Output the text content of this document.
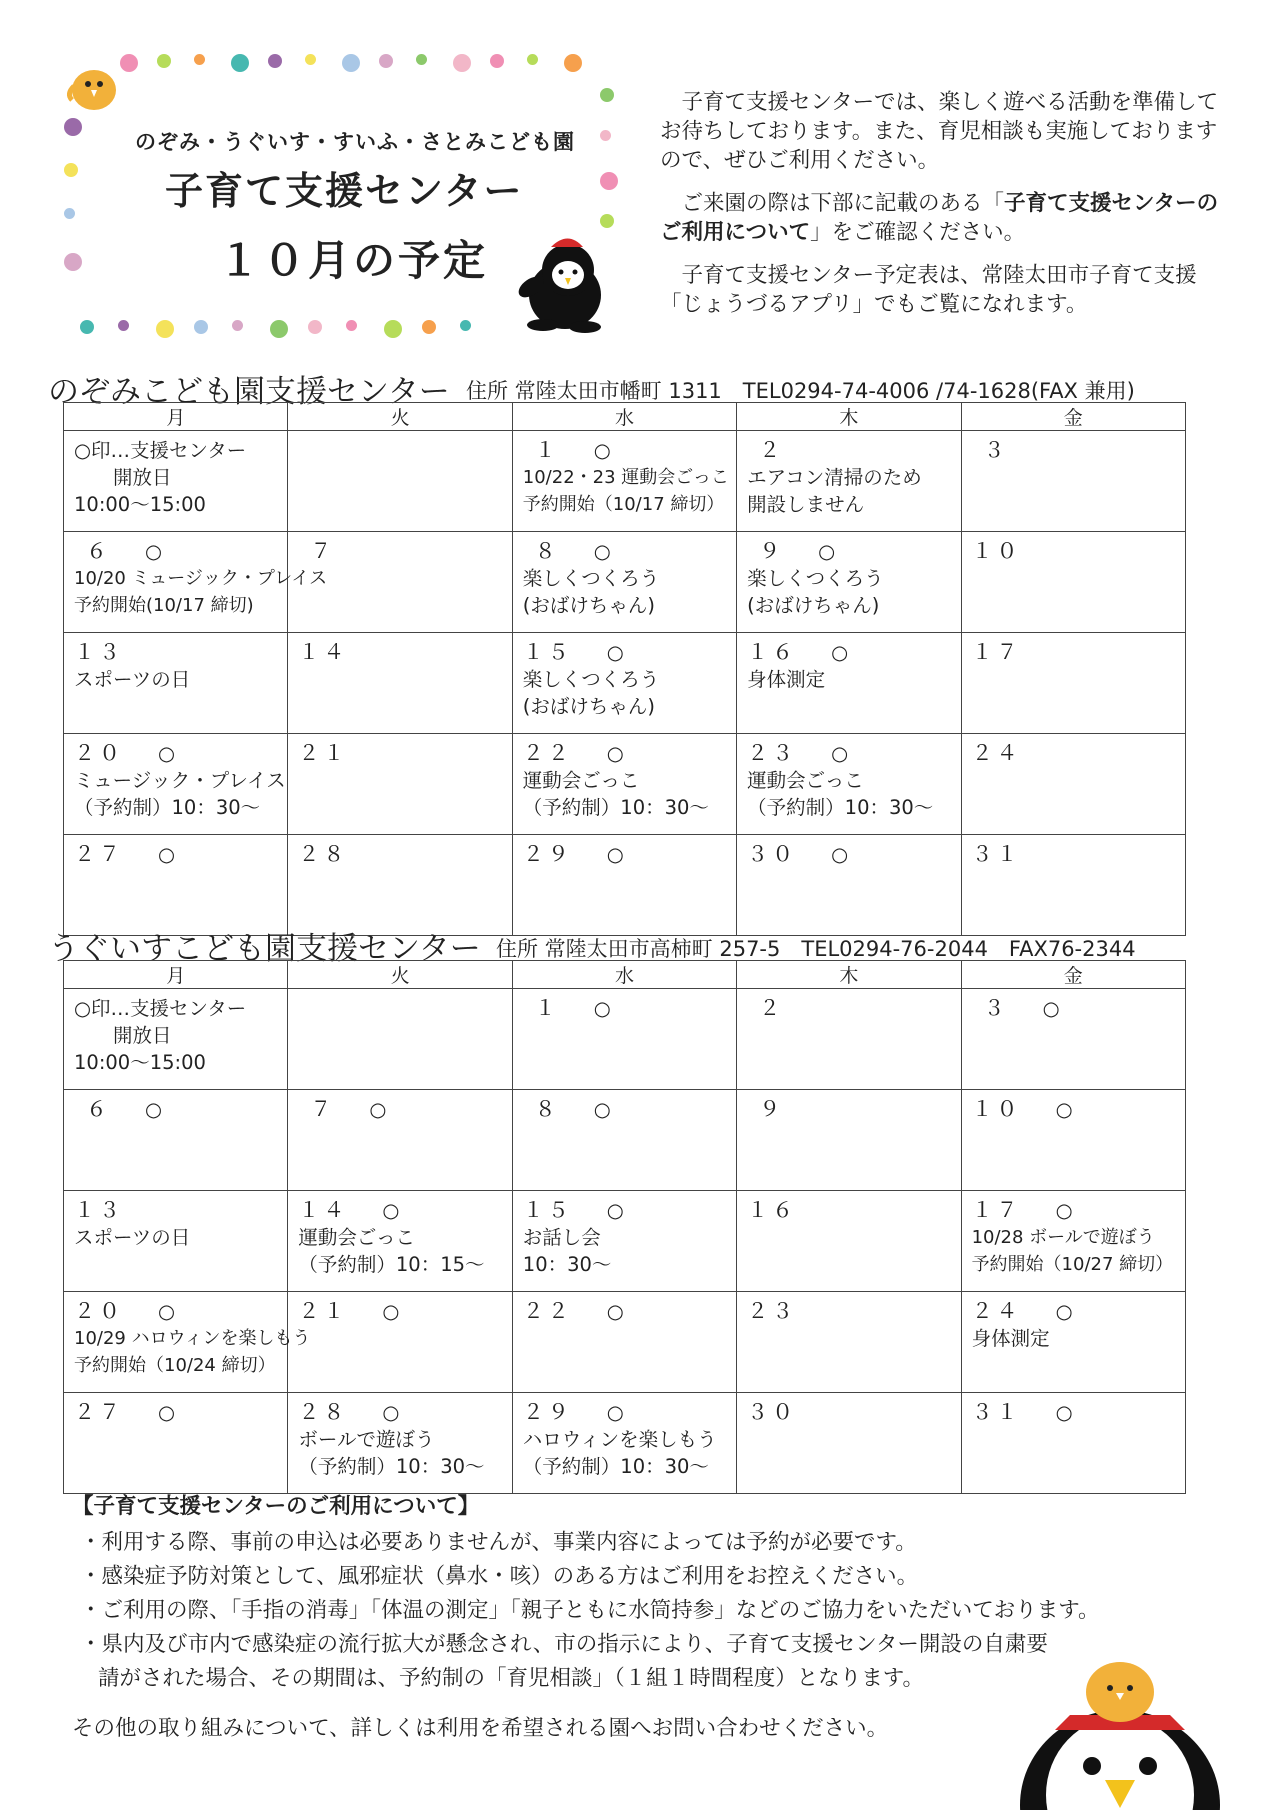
のぞみ・うぐいす・すいふ・さとみこども園
子育て支援センター
１０月の予定

子育て支援センターでは、楽しく遊べる活動を準備してお待ちしております。また、育児相談も実施しておりますので、ぜひご利用ください。

ご来園の際は下部に記載のある「子育て支援センターのご利用について」をご確認ください。

子育て支援センター予定表は、常陸太田市子育て支援「じょうづるアプリ」でもご覧になれます。

のぞみこども園支援センター 住所 常陸太田市幡町 1311　TEL0294-74-4006 /74-1628(FAX 兼用)
月	火	水	木	金

○印…支援センター
　　開放日
10:00～15:00		１ ○
10/22・23 運動会ごっこ
予約開始（10/17 締切）	２
エアコン清掃のため
開設しません	３

６ ○
10/20 ミュージック・プレイス
予約開始(10/17 締切)	７	８ ○
楽しくつくろう
(おばけちゃん)	９ ○
楽しくつくろう
(おばけちゃん)	１０

１３
スポーツの日	１４	１５ ○
楽しくつくろう
(おばけちゃん)	１６ ○
身体測定	１７

２０ ○
ミュージック・プレイス
（予約制）10：30～	２１	２２ ○
運動会ごっこ
（予約制）10：30～	２３ ○
運動会ごっこ
（予約制）10：30～	２４

２７ ○	２８	２９ ○	３０ ○	３１
うぐいすこども園支援センター 住所 常陸太田市高柿町 257-5　TEL0294-76-2044　FAX76-2344
月	火	水	木	金

○印…支援センター
　　開放日
10:00～15:00		１ ○	２	３ ○

６ ○	７ ○	８ ○	９	１０ ○

１３
スポーツの日	１４ ○
運動会ごっこ
（予約制）10：15～	１５ ○
お話し会
10：30～	１６	１７ ○
10/28 ボールで遊ぼう
予約開始（10/27 締切）

２０ ○
10/29 ハロウィンを楽しもう
予約開始（10/24 締切）	２１ ○	２２ ○	２３	２４ ○
身体測定

２７ ○	２８ ○
ボールで遊ぼう
（予約制）10：30～	２９ ○
ハロウィンを楽しもう
（予約制）10：30～	３０	３１ ○
【子育て支援センターのご利用について】
・利用する際、事前の申込は必要ありませんが、事業内容によっては予約が必要です。
・感染症予防対策として、風邪症状（鼻水・咳）のある方はご利用をお控えください。
・ご利用の際、「手指の消毒」「体温の測定」「親子ともに水筒持参」などのご協力をいただいております。
・県内及び市内で感染症の流行拡大が懸念され、市の指示により、子育て支援センター開設の自粛要請がされた場合、その期間は、予約制の「育児相談」（１組１時間程度）となります。
その他の取り組みについて、詳しくは利用を希望される園へお問い合わせください。
